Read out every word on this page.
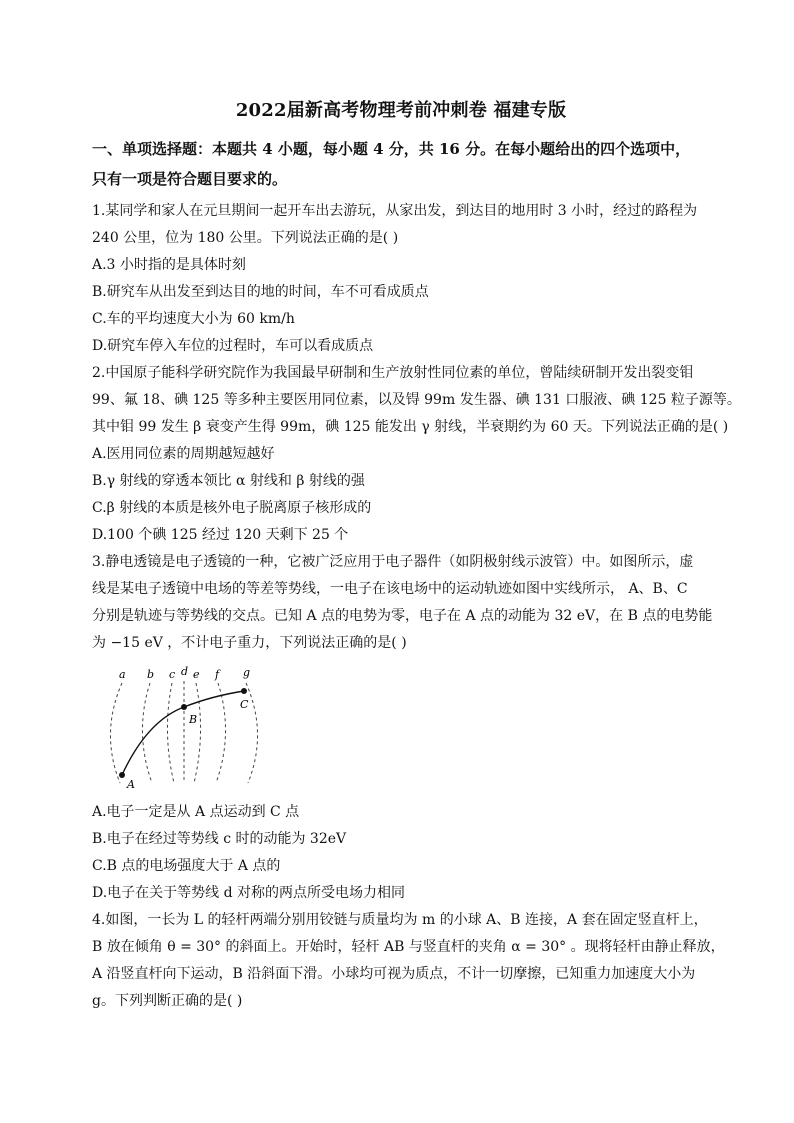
2022届新高考物理考前冲刺卷 福建专版

一、单项选择题：本题共 4 小题，每小题 4 分，共 16 分。在每小题给出的四个选项中，

只有一项是符合题目要求的。

1.某同学和家人在元旦期间一起开车出去游玩，从家出发，到达目的地用时 3 小时，经过的路程为

240 公里，位为 180 公里。下列说法正确的是( )

A.3 小时指的是具体时刻

B.研究车从出发至到达目的地的时间，车不可看成质点

C.车的平均速度大小为 60 km/h

D.研究车停入车位的过程时，车可以看成质点

2.中国原子能科学研究院作为我国最早研制和生产放射性同位素的单位，曾陆续研制开发出裂变钼

99、氟 18、碘 125 等多种主要医用同位素，以及锝 99m 发生器、碘 131 口服液、碘 125 粒子源等。

其中钼 99 发生 β 衰变产生得 99m，碘 125 能发出 γ 射线，半衰期约为 60 天。下列说法正确的是( )

A.医用同位素的周期越短越好

B.γ 射线的穿透本领比 α 射线和 β 射线的强

C.β 射线的本质是核外电子脱离原子核形成的

D.100 个碘 125 经过 120 天剩下 25 个

3.静电透镜是电子透镜的一种，它被广泛应用于电子器件（如阴极射线示波管）中。如图所示，虚

线是某电子透镜中电场的等差等势线，一电子在该电场中的运动轨迹如图中实线所示， A、B、C

分别是轨迹与等势线的交点。已知 A 点的电势为零，电子在 A 点的动能为 32 eV，在 B 点的电势能

为 −15 eV ，不计电子重力，下列说法正确的是( )

a b c d e f g
A
B
C

A.电子一定是从 A 点运动到 C 点

B.电子在经过等势线 c 时的动能为 32eV

C.B 点的电场强度大于 A 点的

D.电子在关于等势线 d 对称的两点所受电场力相同

4.如图，一长为 L 的轻杆两端分别用铰链与质量均为 m 的小球 A、B 连接，A 套在固定竖直杆上，

B 放在倾角 θ = 30° 的斜面上。开始时，轻杆 AB 与竖直杆的夹角 α = 30° 。现将轻杆由静止释放，

A 沿竖直杆向下运动，B 沿斜面下滑。小球均可视为质点，不计一切摩擦，已知重力加速度大小为

g。下列判断正确的是( )
